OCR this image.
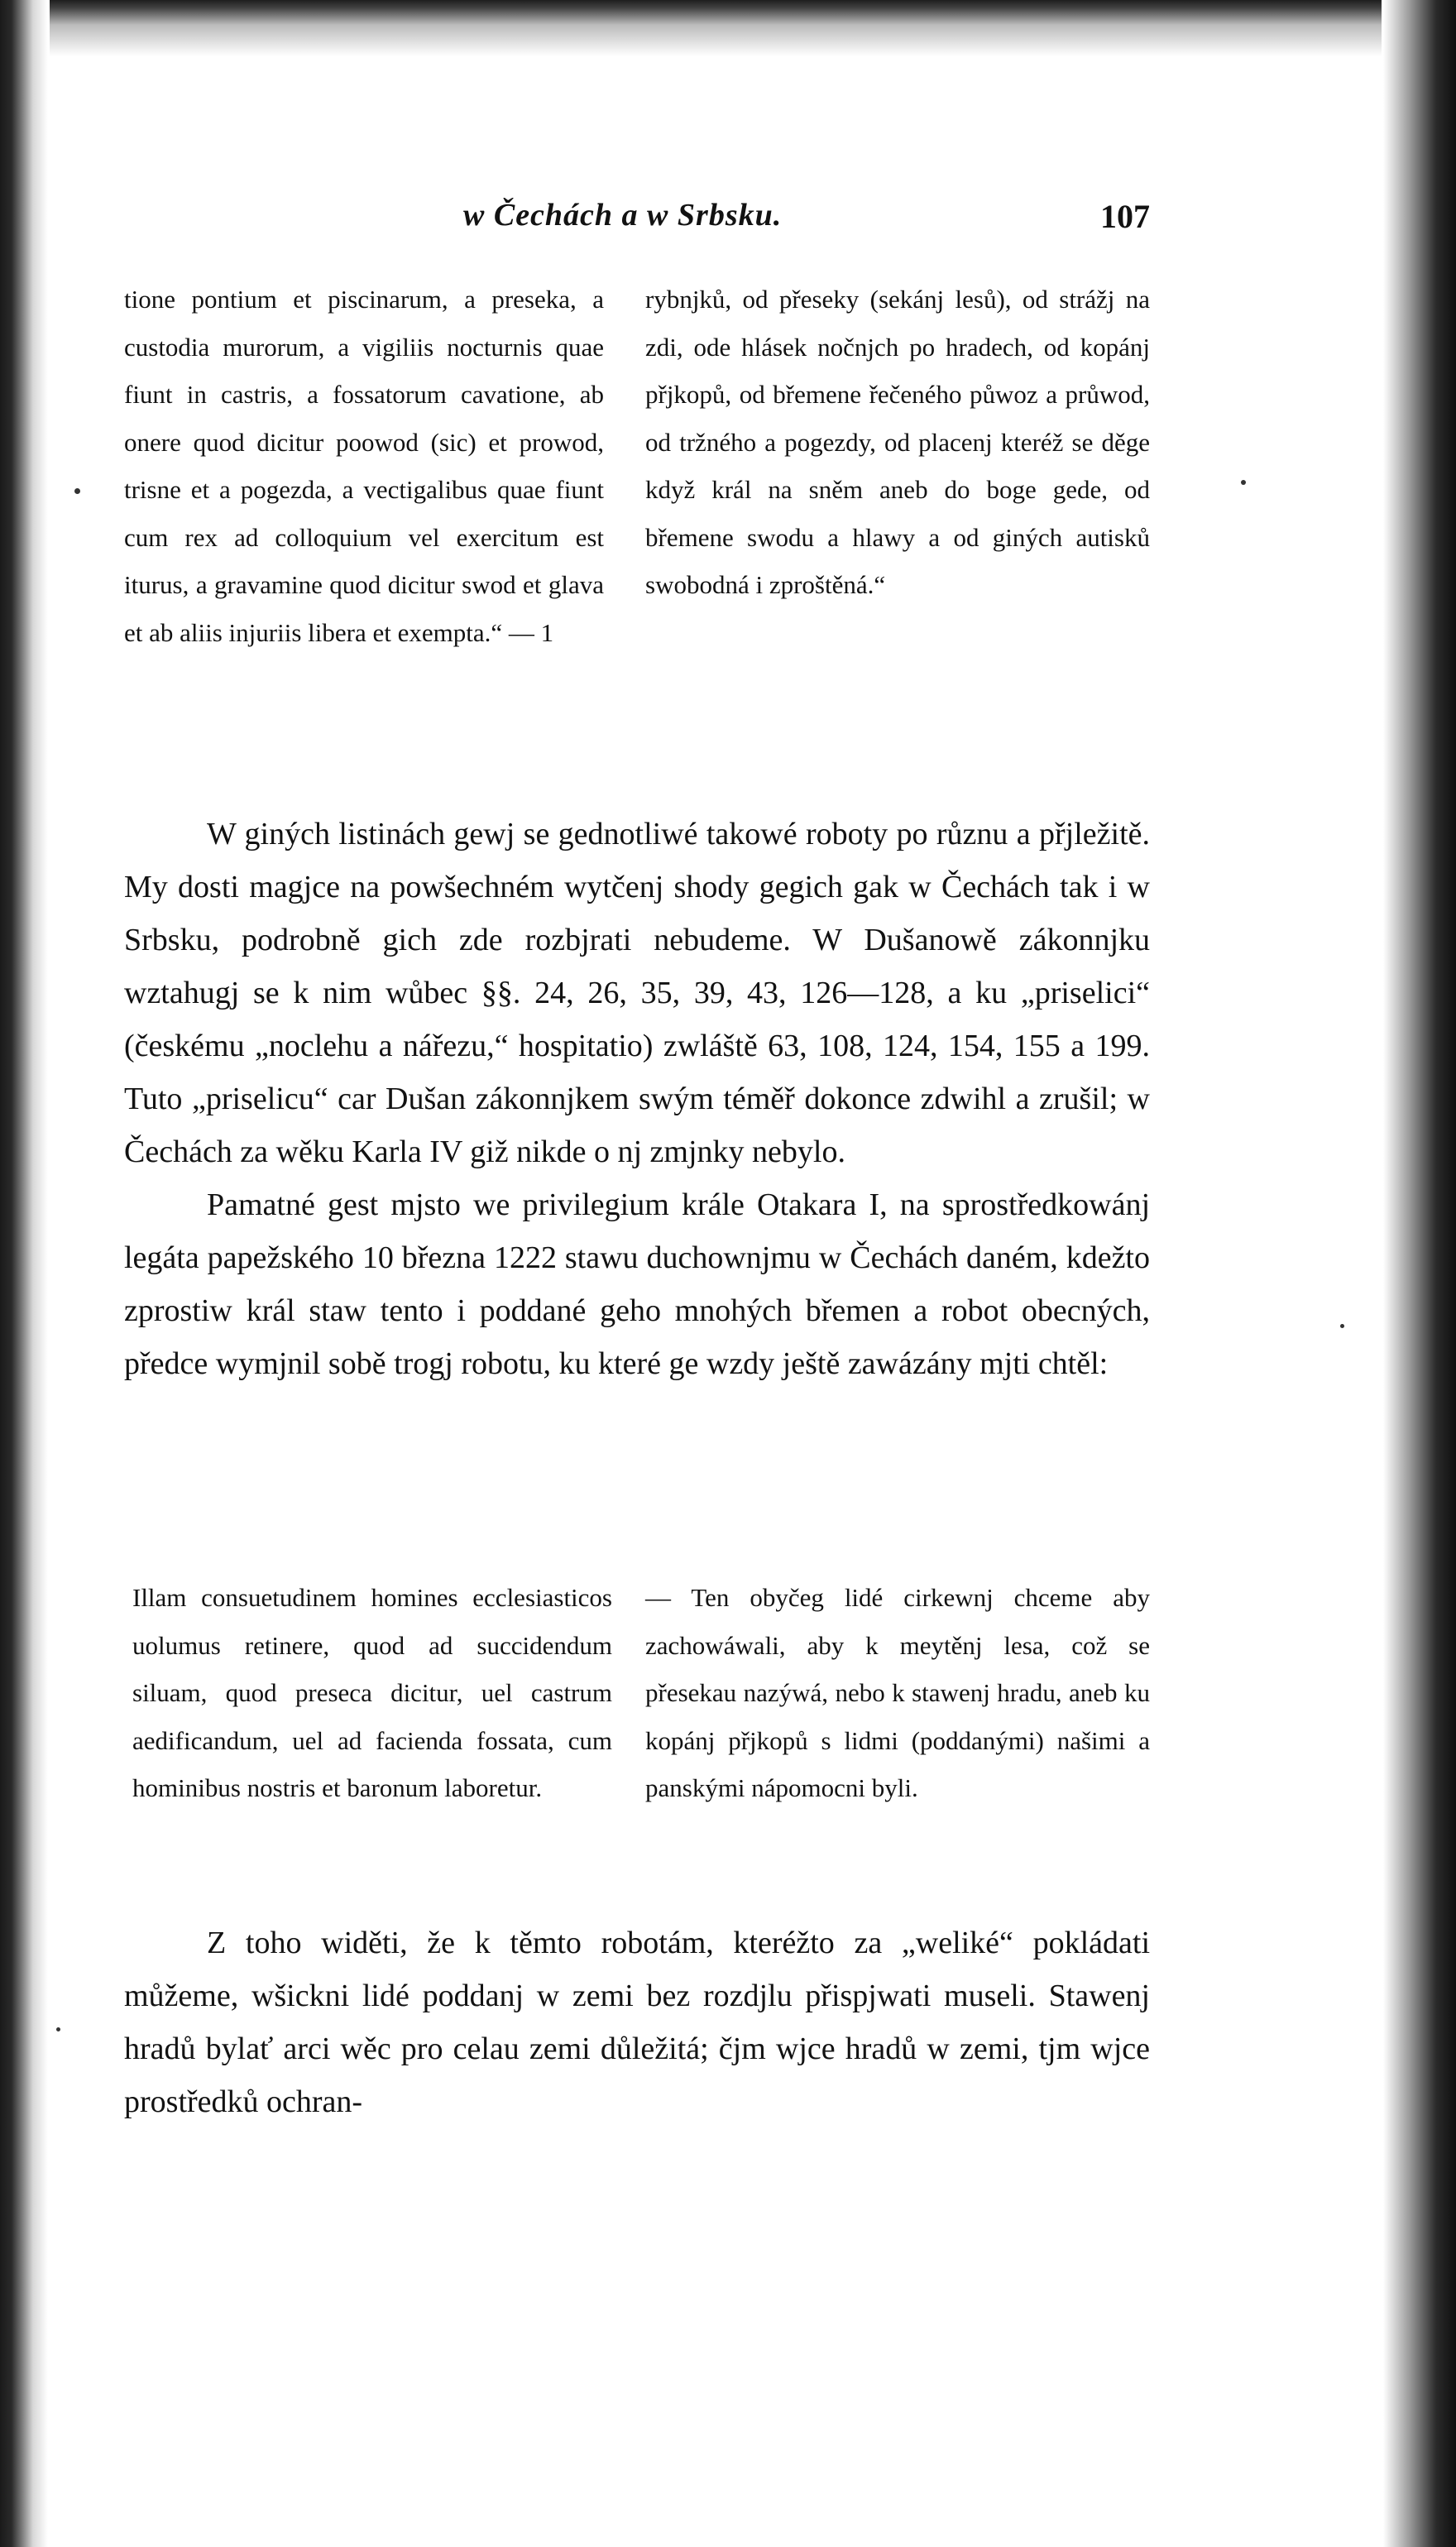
w Čechách a w Srbsku.	107

tione pontium et piscinarum, a preseka, a custodia murorum, a vigiliis nocturnis quae fiunt in castris, a fossatorum cavatione, ab onere quod dicitur poowod (sic) et prowod, trisne et a pogezda, a vectigalibus quae fiunt cum rex ad colloquium vel exercitum est iturus, a gravamine quod dicitur swod et glava et ab aliis injuriis libera et exempta.“ — 1

rybnjků, od přeseky (sekánj lesů), od strážj na zdi, ode hlásek nočnjch po hradech, od kopánj přjkopů, od břemene řečeného půwoz a průwod, od tržného a pogezdy, od placenj kteréž se děge když král na sněm aneb do boge gede, od břemene swodu a hlawy a od giných autisků swobodná i zproštěná.“

W giných listinách gewj se gednotliwé takowé roboty po různu a přjležitě. My dosti magjce na powšechném wytčenj shody gegich gak w Čechách tak i w Srbsku, podrobně gich zde rozbjrati nebudeme. W Dušanowě zákonnjku wztahugj se k nim wůbec §§. 24, 26, 35, 39, 43, 126—128, a ku „priselici“ (českému „noclehu a nářezu,“ hospitatio) zwláště 63, 108, 124, 154, 155 a 199. Tuto „priselicu“ car Dušan zákonnjkem swým téměř dokonce zdwihl a zrušil; w Čechách za wěku Karla IV giž nikde o nj zmjnky nebylo.

Pamatné gest mjsto we privilegium krále Otakara I, na sprostředkowánj legáta papežského 10 března 1222 stawu duchownjmu w Čechách daném, kdežto zprostiw král staw tento i poddané geho mnohých břemen a robot obecných, předce wymjnil sobě trogj robotu, ku které ge wzdy ještě zawázány mjti chtěl:

Illam consuetudinem homines ecclesiasticos uolumus retinere, quod ad succidendum siluam, quod preseca dicitur, uel castrum aedificandum, uel ad facienda fossata, cum hominibus nostris et baronum laboretur.

— Ten obyčeg lidé cirkewnj chceme aby zachowáwali, aby k meytěnj lesa, což se přesekau nazýwá, nebo k stawenj hradu, aneb ku kopánj přjkopů s lidmi (poddanými) našimi a panskými nápomocni byli.

Z toho widěti, že k těmto robotám, kteréžto za „weliké“ pokládati můžeme, wšickni lidé poddanj w zemi bez rozdjlu přispjwati museli. Stawenj hradů bylať arci wěc pro celau zemi důležitá; čjm wjce hradů w zemi, tjm wjce prostředků ochran-
